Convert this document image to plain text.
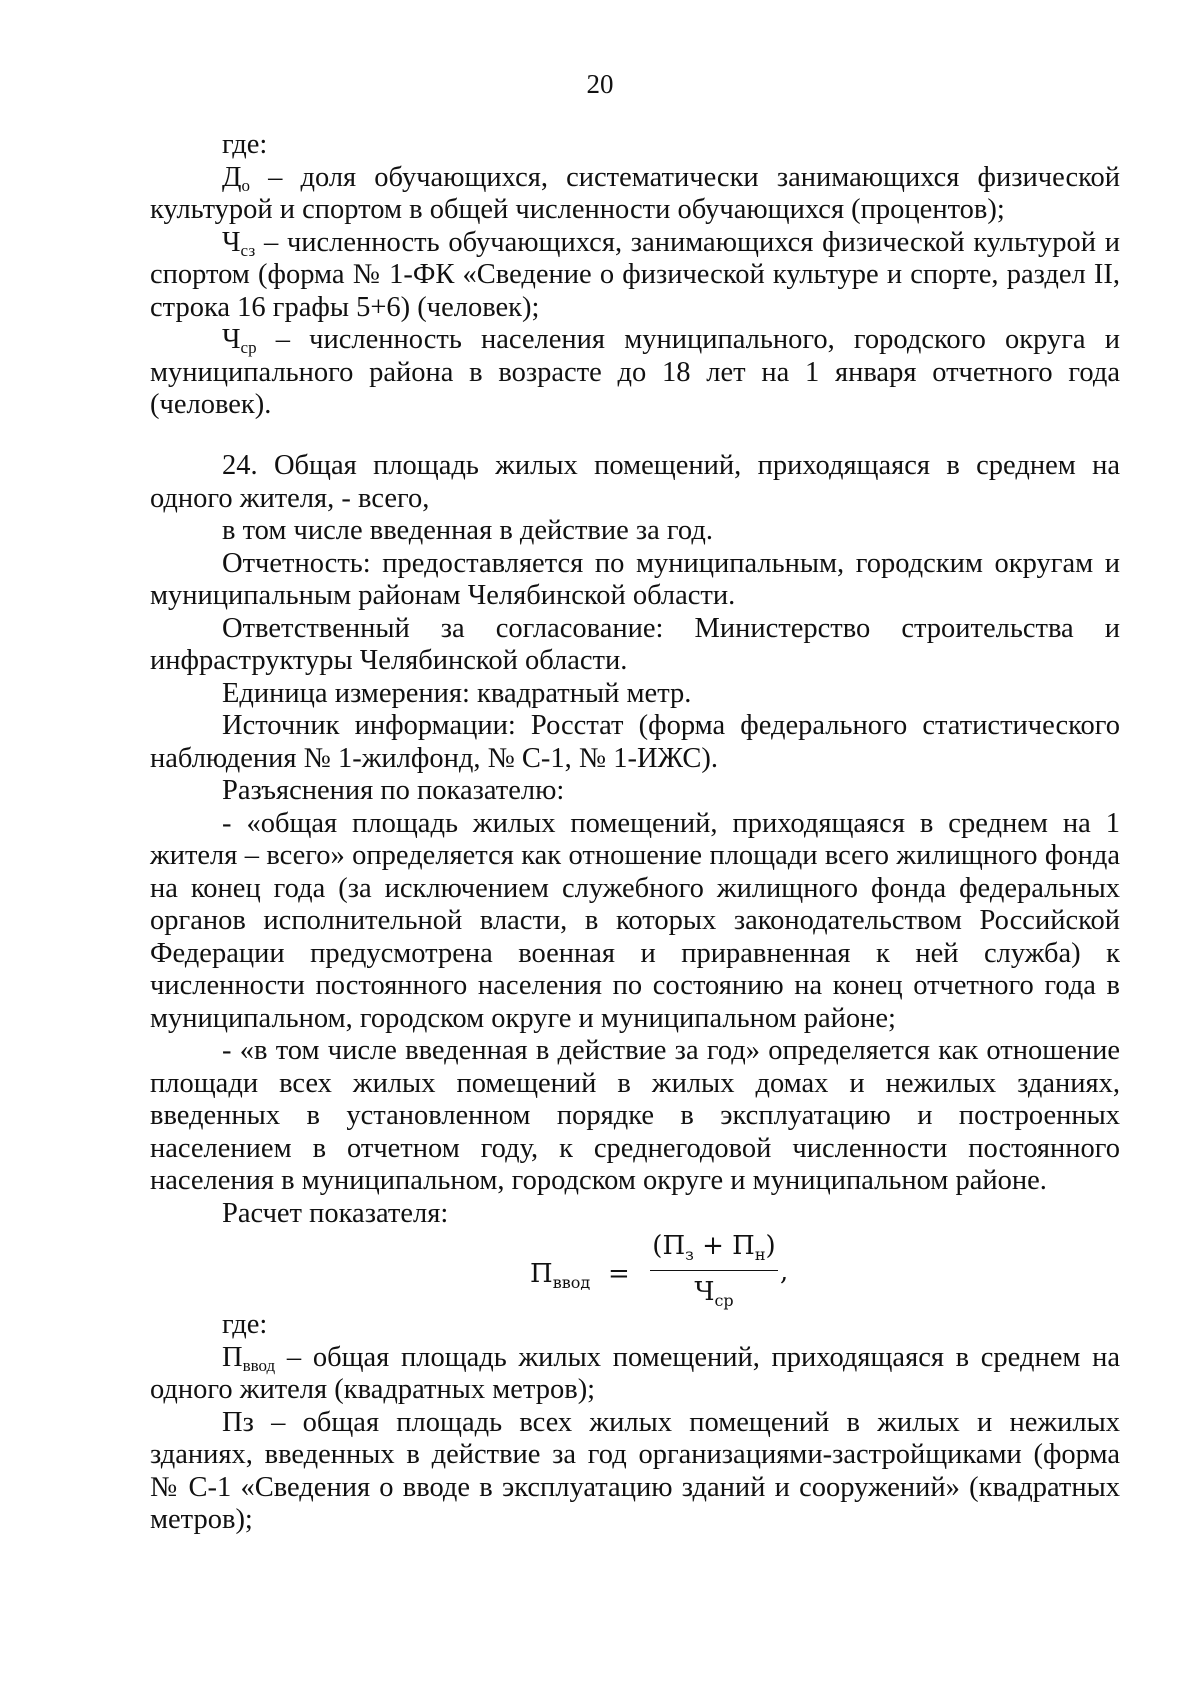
20

где:

$Д_о$ – доля обучающихся, систематически занимающихся физической культурой и спортом в общей численности обучающихся (процентов);

$Ч_{сз}$ – численность обучающихся, занимающихся физической культурой и спортом (форма № 1-ФК «Сведение о физической культуре и спорте, раздел II, строка 16 графы 5+6) (человек);

$Ч_{ср}$ – численность населения муниципального, городского округа и муниципального района в возрасте до 18 лет на 1 января отчетного года (человек).

24. Общая площадь жилых помещений, приходящаяся в среднем на одного жителя, - всего,

в том числе введенная в действие за год.

Отчетность: предоставляется по муниципальным, городским округам и муниципальным районам Челябинской области.

Ответственный за согласование: Министерство строительства и инфраструктуры Челябинской области.

Единица измерения: квадратный метр.

Источник информации: Росстат (форма федерального статистического наблюдения № 1-жилфонд, № С-1, № 1-ИЖС).

Разъяснения по показателю:

- «общая площадь жилых помещений, приходящаяся в среднем на 1 жителя – всего» определяется как отношение площади всего жилищного фонда на конец года (за исключением служебного жилищного фонда федеральных органов исполнительной власти, в которых законодательством Российской Федерации предусмотрена военная и приравненная к ней служба) к численности постоянного населения по состоянию на конец отчетного года в муниципальном, городском округе и муниципальном районе;

- «в том числе введенная в действие за год» определяется как отношение площади всех жилых помещений в жилых домах и нежилых зданиях, введенных в установленном порядке в эксплуатацию и построенных населением в отчетном году, к среднегодовой численности постоянного населения в муниципальном, городском округе и муниципальном районе.

Расчет показателя:

$П_{ввод}$ =
$(П_з + П_н)$
$Ч_{ср}$
,

где:

$П_{ввод}$ – общая площадь жилых помещений, приходящаяся в среднем на одного жителя (квадратных метров);

Пз – общая площадь всех жилых помещений в жилых и нежилых зданиях, введенных в действие за год организациями-застройщиками (форма № С-1 «Сведения о вводе в эксплуатацию зданий и сооружений» (квадратных метров);
